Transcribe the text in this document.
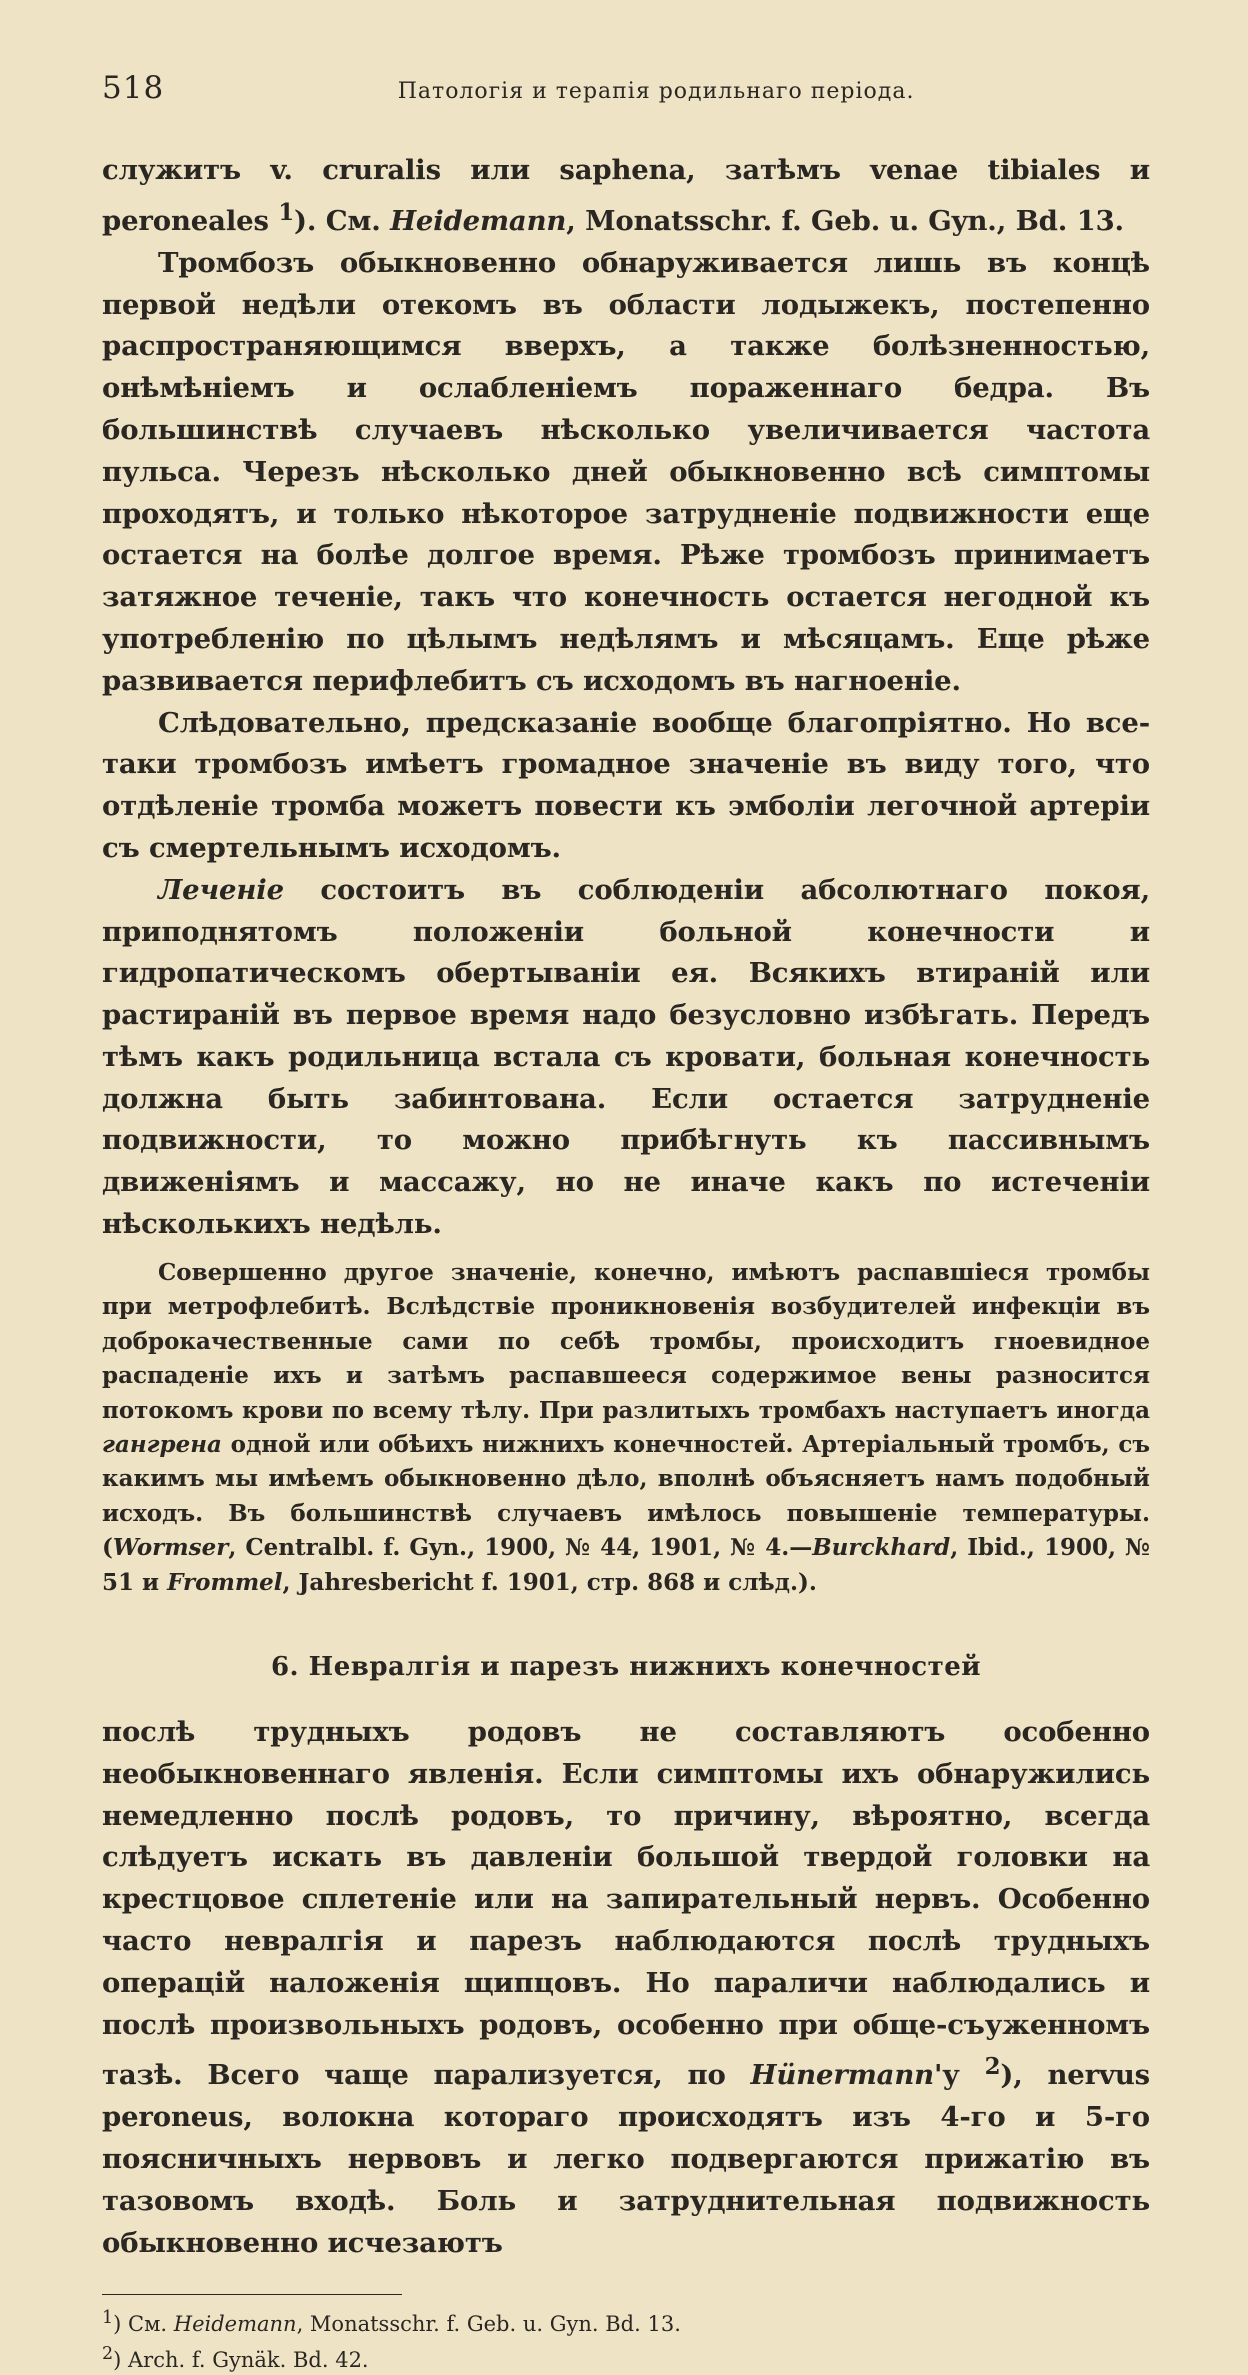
518	Патологія и терапія родильнаго періода.

служитъ v. cruralis или saphena, затѣмъ venae tibiales и peroneales $^1$). См. Heidemann, Monatsschr. f. Geb. u. Gyn., Bd. 13.

Тромбозъ обыкновенно обнаруживается лишь въ концѣ первой недѣли отекомъ въ области лодыжекъ, постепенно распространяющимся вверхъ, а также болѣзненностью, онѣмѣніемъ и ослабленіемъ пораженнаго бедра. Въ большинствѣ случаевъ нѣсколько увеличивается частота пульса. Черезъ нѣсколько дней обыкновенно всѣ симптомы проходятъ, и только нѣкоторое затрудненіе подвижности еще остается на болѣе долгое время. Рѣже тромбозъ принимаетъ затяжное теченіе, такъ что конечность остается негодной къ употребленію по цѣлымъ недѣлямъ и мѣсяцамъ. Еще рѣже развивается перифлебитъ съ исходомъ въ нагноеніе.

Слѣдовательно, предсказаніе вообще благопріятно. Но все-таки тромбозъ имѣетъ громадное значеніе въ виду того, что отдѣленіе тромба можетъ повести къ эмболіи легочной артеріи съ смертельнымъ исходомъ.

Леченіе состоитъ въ соблюденіи абсолютнаго покоя, приподнятомъ положеніи больной конечности и гидропатическомъ обертываніи ея. Всякихъ втираній или растираній въ первое время надо безусловно избѣгать. Передъ тѣмъ какъ родильница встала съ кровати, больная конечность должна быть забинтована. Если остается затрудненіе подвижности, то можно прибѣгнуть къ пассивнымъ движеніямъ и массажу, но не иначе какъ по истеченіи нѣсколькихъ недѣль.

Совершенно другое значеніе, конечно, имѣютъ распавшіеся тромбы при метрофлебитѣ. Вслѣдствіе проникновенія возбудителей инфекціи въ доброкачественные сами по себѣ тромбы, происходитъ гноевидное распаденіе ихъ и затѣмъ распавшееся содержимое вены разносится потокомъ крови по всему тѣлу. При разлитыхъ тромбахъ наступаетъ иногда гангрена одной или обѣихъ нижнихъ конечностей. Артеріальный тромбъ, съ какимъ мы имѣемъ обыкновенно дѣло, вполнѣ объясняетъ намъ подобный исходъ. Въ большинствѣ случаевъ имѣлось повышеніе температуры. (Wormser, Centralbl. f. Gyn., 1900, № 44, 1901, № 4.—Burckhard, Ibid., 1900, № 51 и Frommel, Jahresbericht f. 1901, стр. 868 и слѣд.).

6. Невралгія и парезъ нижнихъ конечностей

послѣ трудныхъ родовъ не составляютъ особенно необыкновеннаго явленія. Если симптомы ихъ обнаружились немедленно послѣ родовъ, то причину, вѣроятно, всегда слѣдуетъ искать въ давленіи большой твердой головки на крестцовое сплетеніе или на запирательный нервъ. Особенно часто невралгія и парезъ наблюдаются послѣ трудныхъ операцій наложенія щипцовъ. Но параличи наблюдались и послѣ произвольныхъ родовъ, особенно при обще-съуженномъ тазѣ. Всего чаще парализуется, по Hünermann'у $^2$), nervus peroneus, волокна котораго происходятъ изъ 4-го и 5-го поясничныхъ нервовъ и легко подвергаются прижатію въ тазовомъ входѣ. Боль и затруднительная подвижность обыкновенно исчезаютъ

$^1$) См. Heidemann, Monatsschr. f. Geb. u. Gyn. Bd. 13.

$^2$) Arch. f. Gynäk. Bd. 42.
